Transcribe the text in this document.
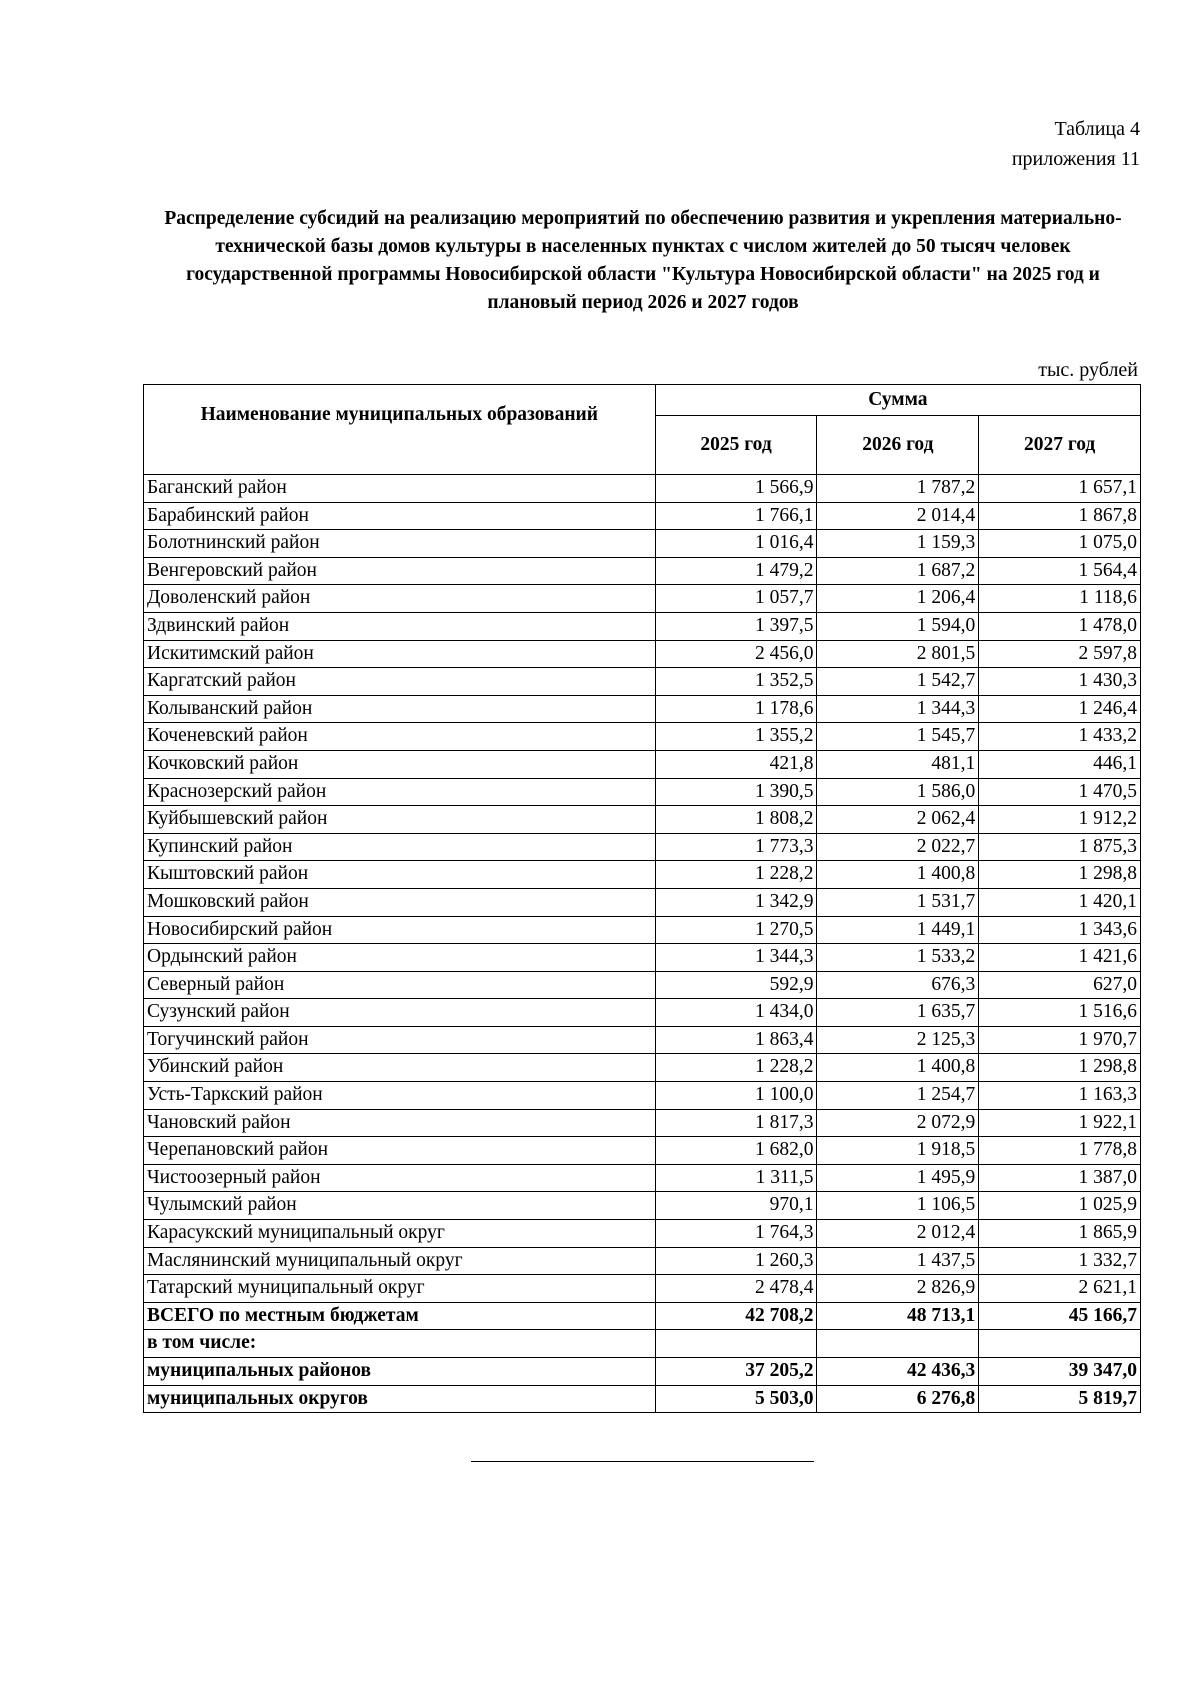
Таблица 4
приложения 11
Распределение субсидий на реализацию мероприятий по обеспечению развития и укрепления материально-технической базы домов культуры в населенных пунктах с числом жителей до 50 тысяч человек государственной программы Новосибирской области "Культура Новосибирской области" на 2025 год и плановый период 2026 и 2027 годов
тыс. рублей
Наименование муниципальных образований	Сумма		
	2025 год	2026 год	2027 год
Баганский район	1 566,9	1 787,2	1 657,1
Барабинский район	1 766,1	2 014,4	1 867,8
Болотнинский район	1 016,4	1 159,3	1 075,0
Венгеровский район	1 479,2	1 687,2	1 564,4
Доволенский район	1 057,7	1 206,4	1 118,6
Здвинский район	1 397,5	1 594,0	1 478,0
Искитимский район	2 456,0	2 801,5	2 597,8
Каргатский район	1 352,5	1 542,7	1 430,3
Колыванский район	1 178,6	1 344,3	1 246,4
Коченевский район	1 355,2	1 545,7	1 433,2
Кочковский район	421,8	481,1	446,1
Краснозерский район	1 390,5	1 586,0	1 470,5
Куйбышевский район	1 808,2	2 062,4	1 912,2
Купинский район	1 773,3	2 022,7	1 875,3
Кыштовский район	1 228,2	1 400,8	1 298,8
Мошковский район	1 342,9	1 531,7	1 420,1
Новосибирский район	1 270,5	1 449,1	1 343,6
Ордынский район	1 344,3	1 533,2	1 421,6
Северный район	592,9	676,3	627,0
Сузунский район	1 434,0	1 635,7	1 516,6
Тогучинский район	1 863,4	2 125,3	1 970,7
Убинский район	1 228,2	1 400,8	1 298,8
Усть-Таркский район	1 100,0	1 254,7	1 163,3
Чановский район	1 817,3	2 072,9	1 922,1
Черепановский район	1 682,0	1 918,5	1 778,8
Чистоозерный район	1 311,5	1 495,9	1 387,0
Чулымский район	970,1	1 106,5	1 025,9
Карасукский муниципальный округ	1 764,3	2 012,4	1 865,9
Маслянинский муниципальный округ	1 260,3	1 437,5	1 332,7
Татарский муниципальный округ	2 478,4	2 826,9	2 621,1
ВСЕГО по местным бюджетам	42 708,2	48 713,1	45 166,7
в том числе:			
муниципальных районов	37 205,2	42 436,3	39 347,0
муниципальных округов	5 503,0	6 276,8	5 819,7
